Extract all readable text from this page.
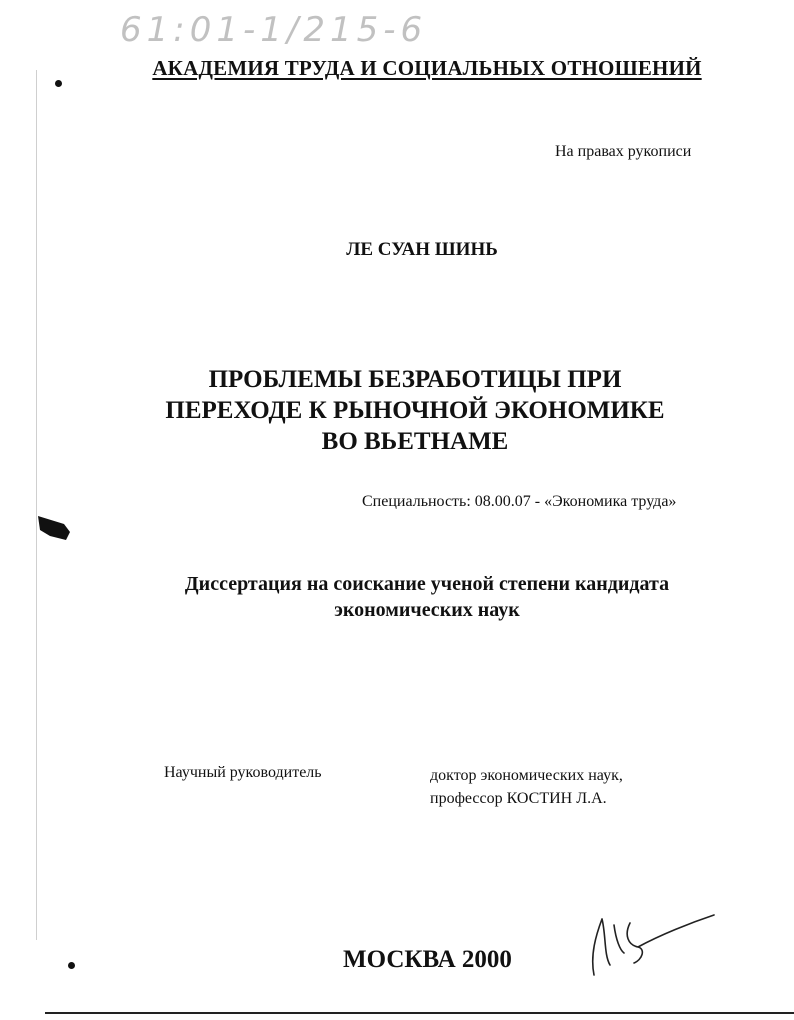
61:01-1/215-6
АКАДЕМИЯ ТРУДА И СОЦИАЛЬНЫХ ОТНОШЕНИЙ
На правах рукописи
ЛЕ СУАН ШИНЬ
ПРОБЛЕМЫ БЕЗРАБОТИЦЫ ПРИ
ПЕРЕХОДЕ К РЫНОЧНОЙ ЭКОНОМИКЕ
ВО ВЬЕТНАМЕ
Специальность: 08.00.07 - «Экономика труда»
Диссертация на соискание ученой степени кандидата
экономических наук
Научный руководитель	доктор экономических наук,
профессор КОСТИН Л.А.
МОСКВА 2000
